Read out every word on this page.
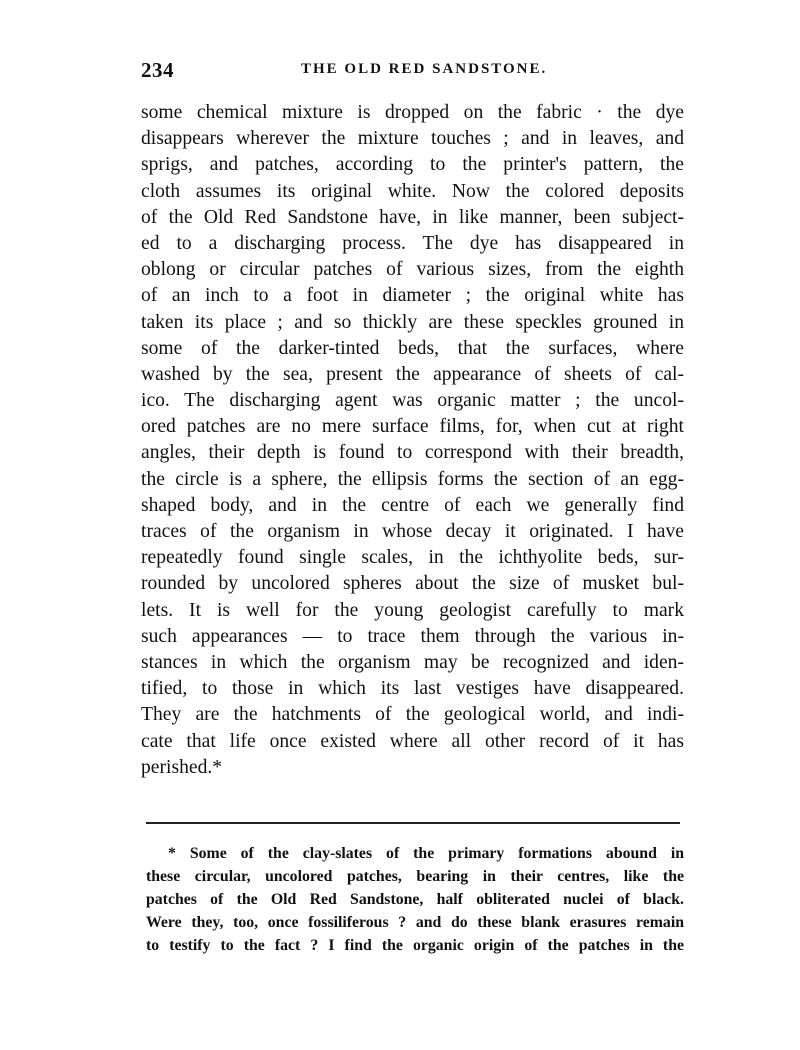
234	THE OLD RED SANDSTONE.
some chemical mixture is dropped on the fabric · the dye
disappears wherever the mixture touches ; and in leaves, and
sprigs, and patches, according to the printer's pattern, the
cloth assumes its original white. Now the colored deposits
of the Old Red Sandstone have, in like manner, been subject-
ed to a discharging process. The dye has disappeared in
oblong or circular patches of various sizes, from the eighth
of an inch to a foot in diameter ; the original white has
taken its place ; and so thickly are these speckles grouned in
some of the darker-tinted beds, that the surfaces, where
washed by the sea, present the appearance of sheets of cal-
ico. The discharging agent was organic matter ; the uncol-
ored patches are no mere surface films, for, when cut at right
angles, their depth is found to correspond with their breadth,
the circle is a sphere, the ellipsis forms the section of an egg-
shaped body, and in the centre of each we generally find
traces of the organism in whose decay it originated. I have
repeatedly found single scales, in the ichthyolite beds, sur-
rounded by uncolored spheres about the size of musket bul-
lets. It is well for the young geologist carefully to mark
such appearances — to trace them through the various in-
stances in which the organism may be recognized and iden-
tified, to those in which its last vestiges have disappeared.
They are the hatchments of the geological world, and indi-
cate that life once existed where all other record of it has
perished.*
* Some of the clay-slates of the primary formations abound in
these circular, uncolored patches, bearing in their centres, like the
patches of the Old Red Sandstone, half obliterated nuclei of black.
Were they, too, once fossiliferous ? and do these blank erasures remain
to testify to the fact ? I find the organic origin of the patches in the
